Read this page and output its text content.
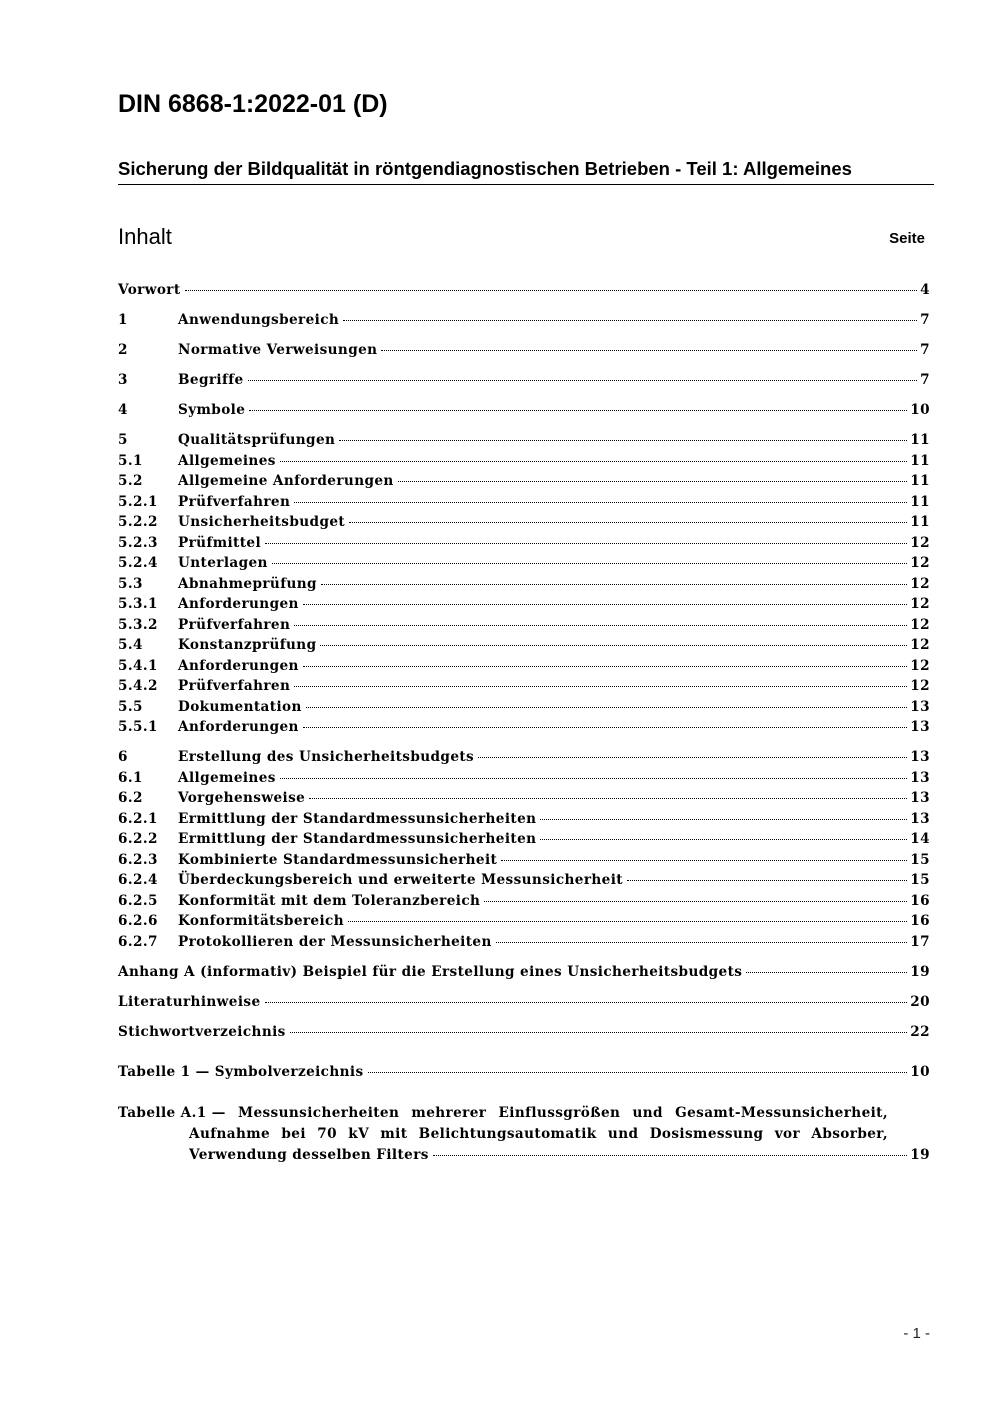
DIN 6868-1:2022-01 (D)
Sicherung der Bildqualität in röntgendiagnostischen Betrieben - Teil 1: Allgemeines
Inhalt	Seite
Vorwort	4
1	Anwendungsbereich	7
2	Normative Verweisungen	7
3	Begriffe	7
4	Symbole	10
5	Qualitätsprüfungen	11
5.1	Allgemeines	11
5.2	Allgemeine Anforderungen	11
5.2.1	Prüfverfahren	11
5.2.2	Unsicherheitsbudget	11
5.2.3	Prüfmittel	12
5.2.4	Unterlagen	12
5.3	Abnahmeprüfung	12
5.3.1	Anforderungen	12
5.3.2	Prüfverfahren	12
5.4	Konstanzprüfung	12
5.4.1	Anforderungen	12
5.4.2	Prüfverfahren	12
5.5	Dokumentation	13
5.5.1	Anforderungen	13
6	Erstellung des Unsicherheitsbudgets	13
6.1	Allgemeines	13
6.2	Vorgehensweise	13
6.2.1	Ermittlung der Standardmessunsicherheiten	13
6.2.2	Ermittlung der Standardmessunsicherheiten	14
6.2.3	Kombinierte Standardmessunsicherheit	15
6.2.4	Überdeckungsbereich und erweiterte Messunsicherheit	15
6.2.5	Konformität mit dem Toleranzbereich	16
6.2.6	Konformitätsbereich	16
6.2.7	Protokollieren der Messunsicherheiten	17
Anhang A (informativ) Beispiel für die Erstellung eines Unsicherheitsbudgets	19
Literaturhinweise	20
Stichwortverzeichnis	22
Tabelle 1 — Symbolverzeichnis	10
Tabelle A.1 — Messunsicherheiten mehrerer Einflussgrößen und Gesamt-Messunsicherheit,
Aufnahme bei 70 kV mit Belichtungsautomatik und Dosismessung vor Absorber,
Verwendung desselben Filters	19
- 1 -
